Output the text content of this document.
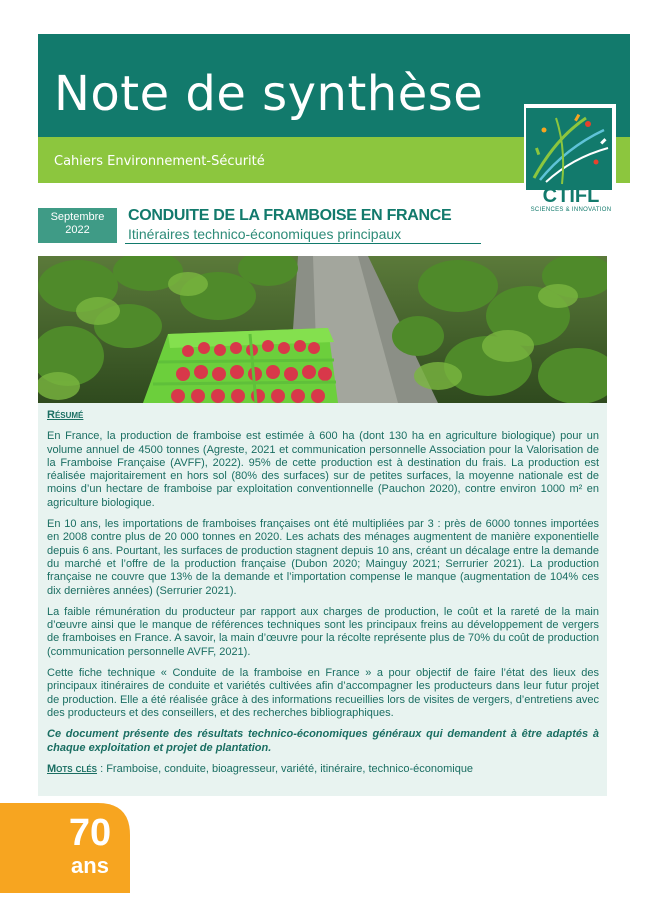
Note de synthèse
Cahiers Environnement-Sécurité
CTIFL
SCIENCES & INNOVATION
Septembre
2022
CONDUITE DE LA FRAMBOISE EN FRANCE
Itinéraires technico-économiques principaux
Résumé

En France, la production de framboise est estimée à 600 ha (dont 130 ha en agriculture biologique) pour un volume annuel de 4500 tonnes (Agreste, 2021 et communication personnelle Association pour la Valorisation de la Framboise Française (AVFF), 2022). 95% de cette production est à destination du frais. La production est réalisée majoritairement en hors sol (80% des surfaces) sur de petites surfaces, la moyenne nationale est de moins d’un hectare de framboise par exploitation conventionnelle (Pauchon 2020), contre environ 1000 m² en agriculture biologique.

En 10 ans, les importations de framboises françaises ont été multipliées par 3 : près de 6000 tonnes importées en 2008 contre plus de 20 000 tonnes en 2020. Les achats des ménages augmentent de manière exponentielle depuis 6 ans. Pourtant, les surfaces de production stagnent depuis 10 ans, créant un décalage entre la demande du marché et l’offre de la production française (Dubon 2020; Mainguy 2021; Serrurier 2021). La production française ne couvre que 13% de la demande et l’importation compense le manque (augmentation de 104% ces dix dernières années) (Serrurier 2021).

La faible rémunération du producteur par rapport aux charges de production, le coût et la rareté de la main d’œuvre ainsi que le manque de références techniques sont les principaux freins au développement de vergers de framboises en France. A savoir, la main d’œuvre pour la récolte représente plus de 70% du coût de production (communication personnelle AVFF, 2021).

Cette fiche technique « Conduite de la framboise en France » a pour objectif de faire l’état des lieux des principaux itinéraires de conduite et variétés cultivées afin d’accompagner les producteurs dans leur futur projet de production. Elle a été réalisée grâce à des informations recueillies lors de visites de vergers, d’entretiens avec des producteurs et des conseillers, et des recherches bibliographiques.

Ce document présente des résultats technico-économiques généraux qui demandent à être adaptés à chaque exploitation et projet de plantation.

Mots clés : Framboise, conduite, bioagresseur, variété, itinéraire, technico-économique

70
ans
